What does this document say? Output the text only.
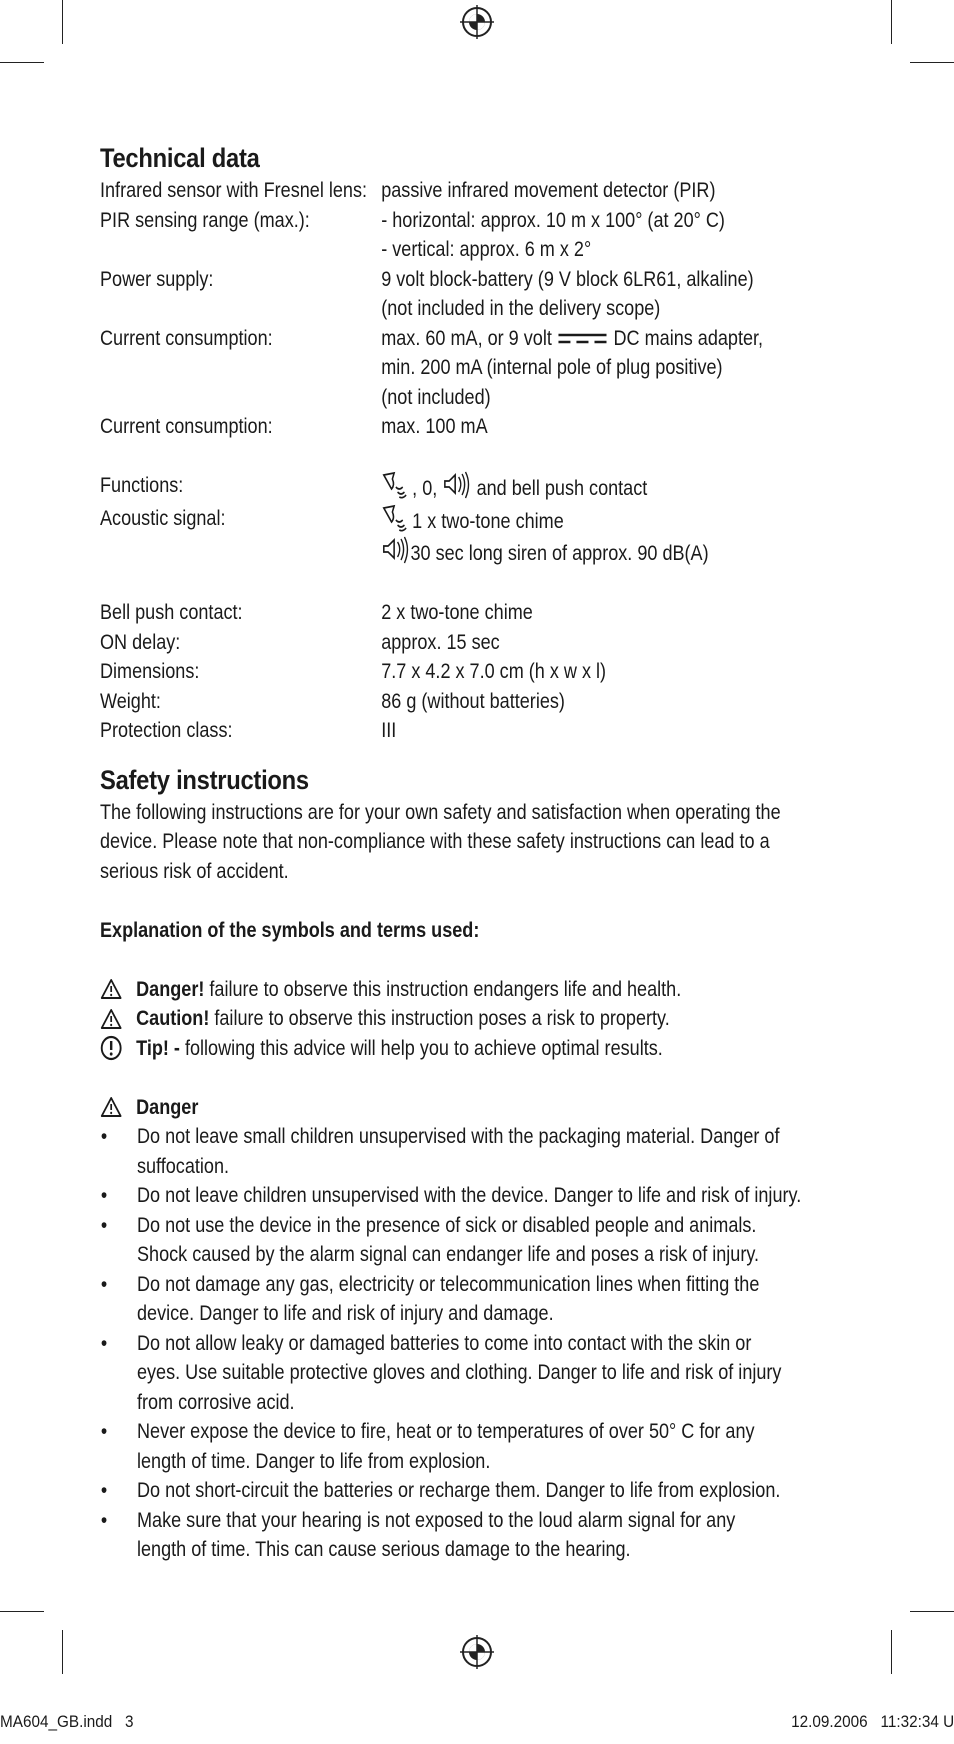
Technical data
Infrared sensor with Fresnel lens: passive infrared movement detector (PIR)
PIR sensing range (max.):	- horizontal: approx. 10 m x 100° (at 20° C)
- vertical: approx. 6 m x 2°
Power supply:	9 volt block-battery (9 V block 6LR61, alkaline)
(not included in the delivery scope)
Current consumption:	max. 60 mA, or 9 volt	DC mains adapter,
min. 200 mA (internal pole of plug positive)
(not included)
Current consumption:	max. 100 mA
Functions:	, 0, and bell push contact
Acoustic signal:	1 x two-tone chime
30 sec long siren of approx. 90 dB(A)
Bell push contact:	2 x two-tone chime
ON delay:	approx. 15 sec
Dimensions:	7.7 x 4.2 x 7.0 cm (h x w x l)
Weight:	86 g (without batteries)
Protection class:	III
Safety instructions
The following instructions are for your own safety and satisfaction when operating the
device. Please note that non-compliance with these safety instructions can lead to a
serious risk of accident.
Explanation of the symbols and terms used:
Danger! failure to observe this instruction endangers life and health.
Caution! failure to observe this instruction poses a risk to property.
Tip! - following this advice will help you to achieve optimal results.
Danger
•	Do not leave small children unsupervised with the packaging material. Danger of
suffocation.
•	Do not leave children unsupervised with the device. Danger to life and risk of injury.
•	Do not use the device in the presence of sick or disabled people and animals.
Shock caused by the alarm signal can endanger life and poses a risk of injury.
•	Do not damage any gas, electricity or telecommunication lines when fitting the
device. Danger to life and risk of injury and damage.
•	Do not allow leaky or damaged batteries to come into contact with the skin or
eyes. Use suitable protective gloves and clothing. Danger to life and risk of injury
from corrosive acid.
•	Never expose the device to fire, heat or to temperatures of over 50° C for any
length of time. Danger to life from explosion.
•	Do not short-circuit the batteries or recharge them. Danger to life from explosion.
•	Make sure that your hearing is not exposed to the loud alarm signal for any
length of time. This can cause serious damage to the hearing.
MA604_GB.indd   3	12.09.2006   11:32:34 U
